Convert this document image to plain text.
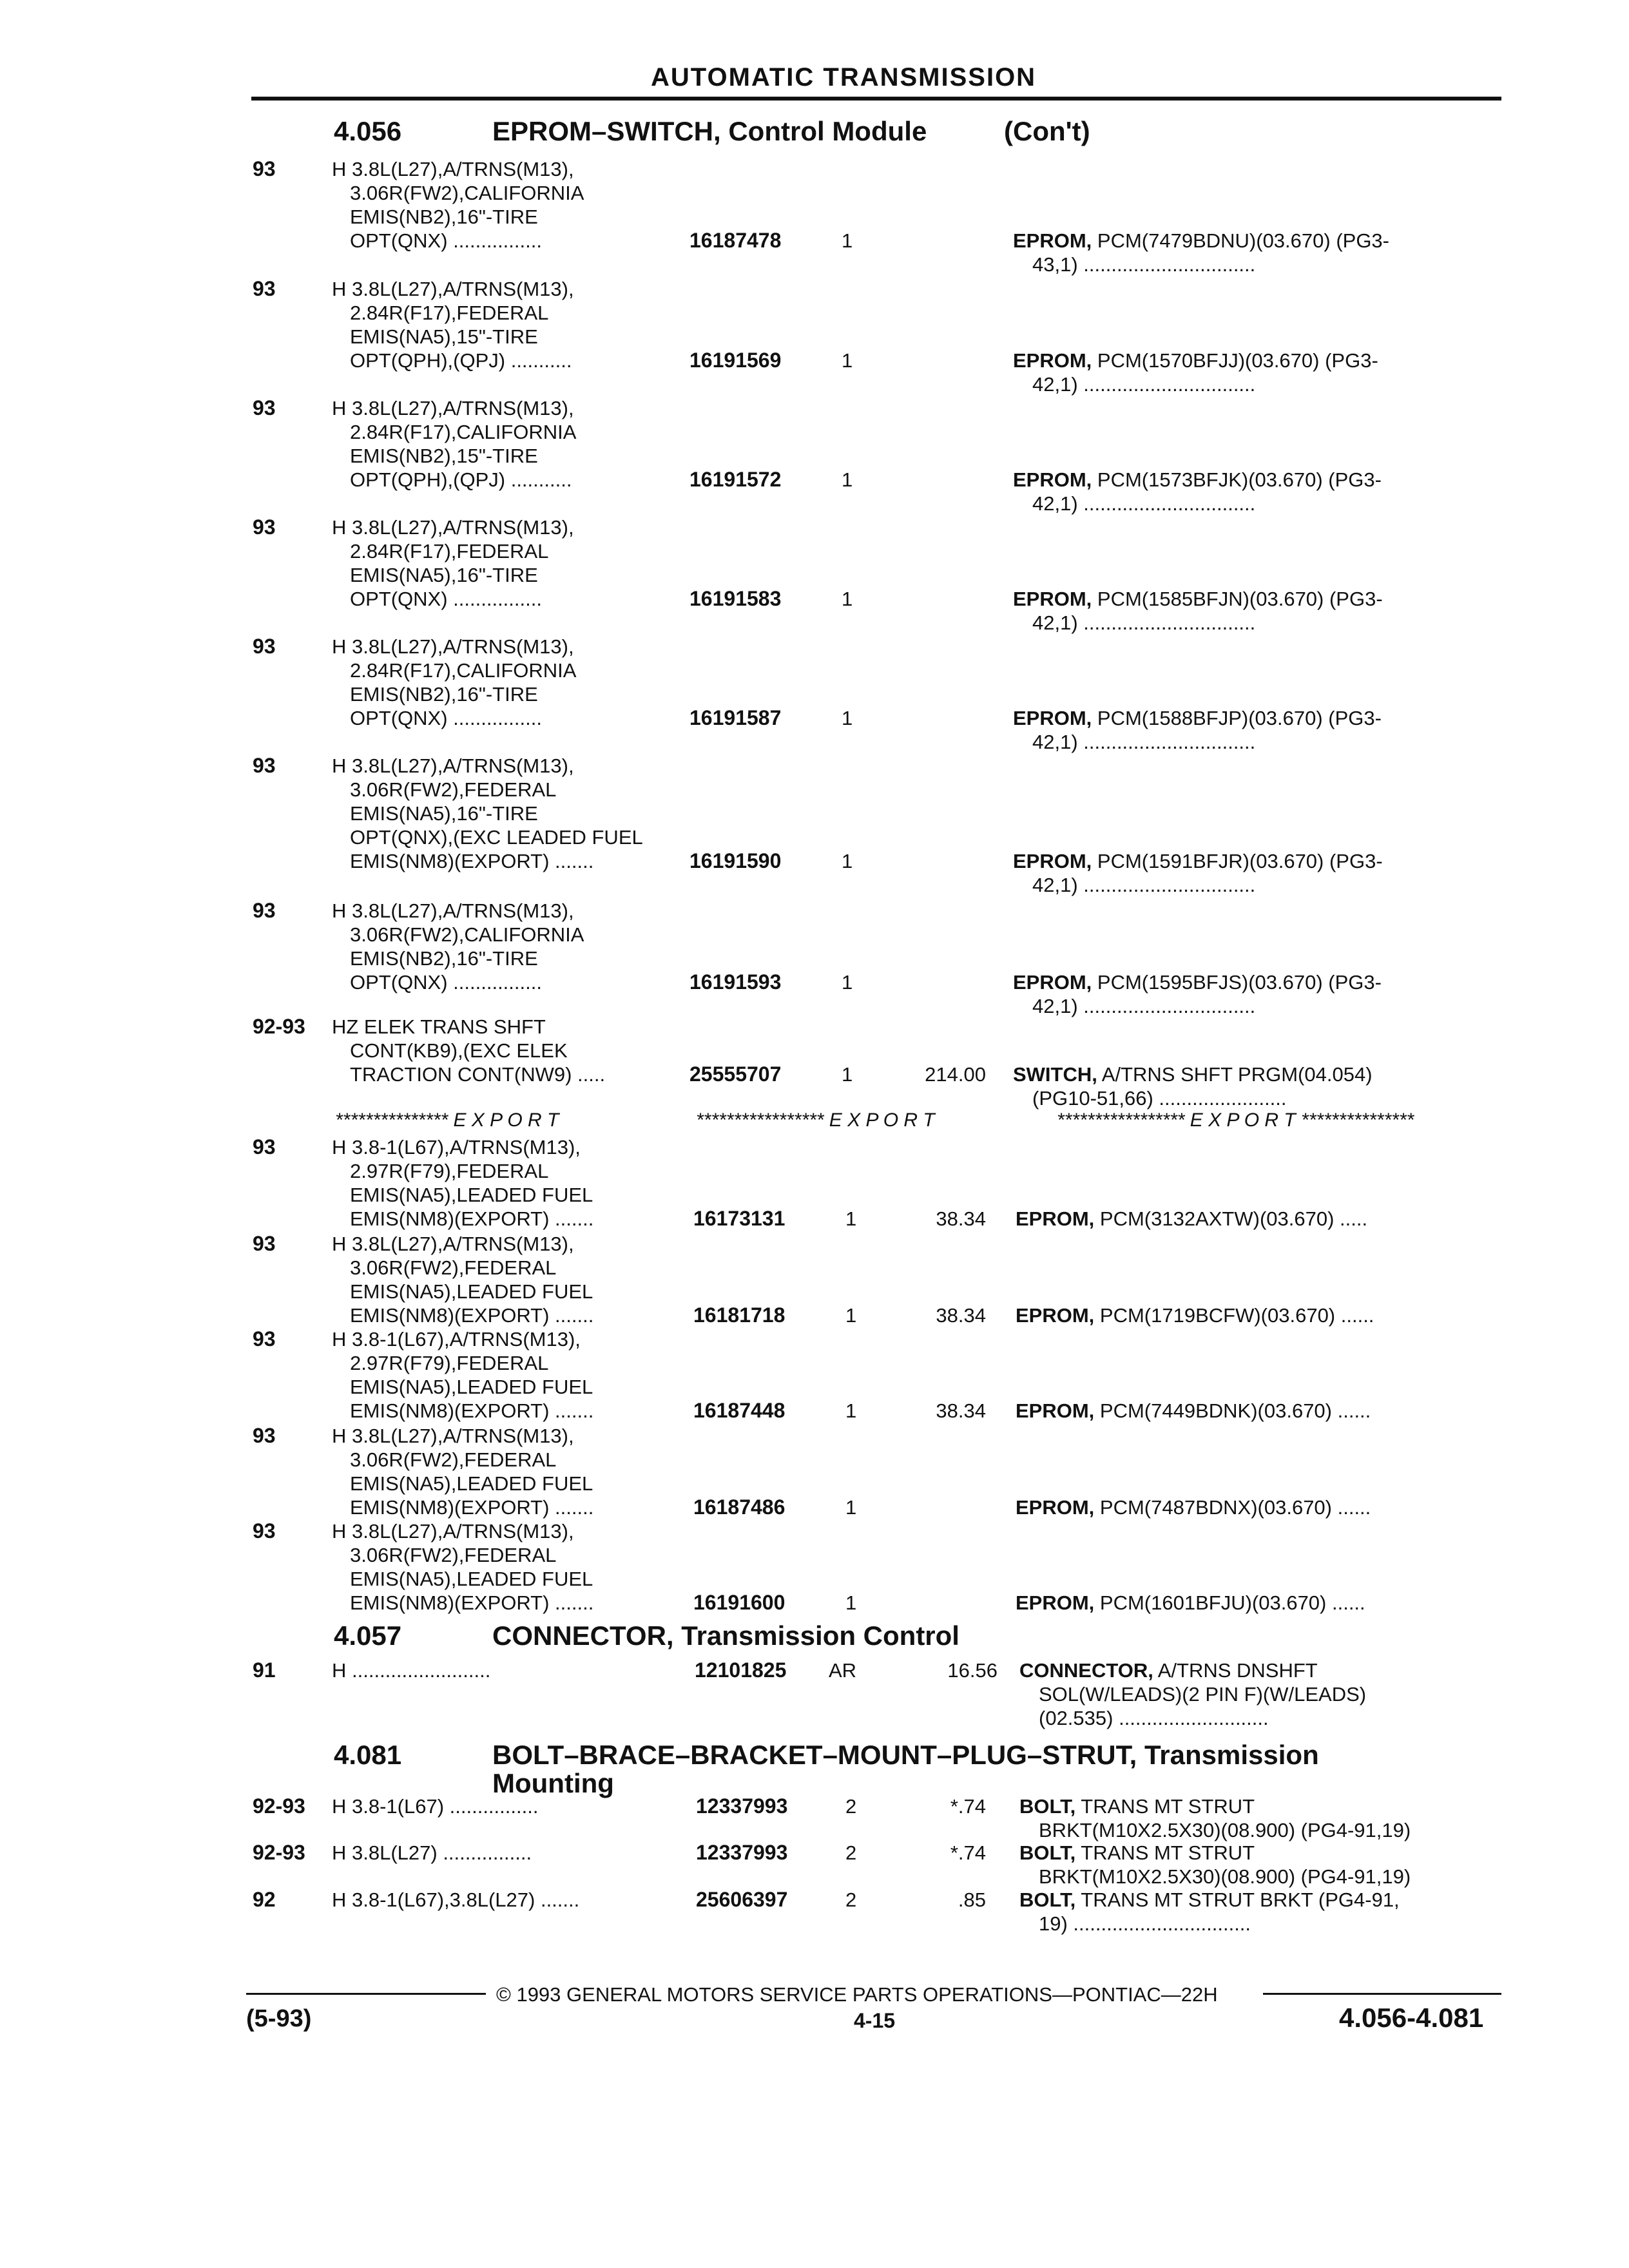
AUTOMATIC TRANSMISSION
4.056	EPROM–SWITCH, Control Module	(Con't)
93	H 3.8L(L27),A/TRNS(M13),
3.06R(FW2),CALIFORNIA
EMIS(NB2),16"-TIRE
OPT(QNX) ................	16187478	1	EPROM, PCM(7479BDNU)(03.670) (PG3-
43,1) ...............................
93	H 3.8L(L27),A/TRNS(M13),
2.84R(F17),FEDERAL
EMIS(NA5),15"-TIRE
OPT(QPH),(QPJ) ...........	16191569	1	EPROM, PCM(1570BFJJ)(03.670) (PG3-
42,1) ...............................
93	H 3.8L(L27),A/TRNS(M13),
2.84R(F17),CALIFORNIA
EMIS(NB2),15"-TIRE
OPT(QPH),(QPJ) ...........	16191572	1	EPROM, PCM(1573BFJK)(03.670) (PG3-
42,1) ...............................
93	H 3.8L(L27),A/TRNS(M13),
2.84R(F17),FEDERAL
EMIS(NA5),16"-TIRE
OPT(QNX) ................	16191583	1	EPROM, PCM(1585BFJN)(03.670) (PG3-
42,1) ...............................
93	H 3.8L(L27),A/TRNS(M13),
2.84R(F17),CALIFORNIA
EMIS(NB2),16"-TIRE
OPT(QNX) ................	16191587	1	EPROM, PCM(1588BFJP)(03.670) (PG3-
42,1) ...............................
93	H 3.8L(L27),A/TRNS(M13),
3.06R(FW2),FEDERAL
EMIS(NA5),16"-TIRE
OPT(QNX),(EXC LEADED FUEL
EMIS(NM8)(EXPORT) .......	16191590	1	EPROM, PCM(1591BFJR)(03.670) (PG3-
42,1) ...............................
93	H 3.8L(L27),A/TRNS(M13),
3.06R(FW2),CALIFORNIA
EMIS(NB2),16"-TIRE
OPT(QNX) ................	16191593	1	EPROM, PCM(1595BFJS)(03.670) (PG3-
42,1) ...............................
92-93 HZ ELEK TRANS SHFT
CONT(KB9),(EXC ELEK
TRACTION CONT(NW9) .....	25555707	1	214.00 SWITCH, A/TRNS SHFT PRGM(04.054)
(PG10-51,66) .......................
*************** E X P O R T	***************** E X P O R T	***************** E X P O R T ***************
93	H 3.8-1(L67),A/TRNS(M13),
2.97R(F79),FEDERAL
EMIS(NA5),LEADED FUEL
EMIS(NM8)(EXPORT) .......	16173131	1	38.34 EPROM, PCM(3132AXTW)(03.670) .....
93	H 3.8L(L27),A/TRNS(M13),
3.06R(FW2),FEDERAL
EMIS(NA5),LEADED FUEL
EMIS(NM8)(EXPORT) .......	16181718	1	38.34 EPROM, PCM(1719BCFW)(03.670) ......
93	H 3.8-1(L67),A/TRNS(M13),
2.97R(F79),FEDERAL
EMIS(NA5),LEADED FUEL
EMIS(NM8)(EXPORT) .......	16187448	1	38.34 EPROM, PCM(7449BDNK)(03.670) ......
93	H 3.8L(L27),A/TRNS(M13),
3.06R(FW2),FEDERAL
EMIS(NA5),LEADED FUEL
EMIS(NM8)(EXPORT) .......	16187486	1	EPROM, PCM(7487BDNX)(03.670) ......
93	H 3.8L(L27),A/TRNS(M13),
3.06R(FW2),FEDERAL
EMIS(NA5),LEADED FUEL
EMIS(NM8)(EXPORT) .......	16191600	1	EPROM, PCM(1601BFJU)(03.670) ......
4.057	CONNECTOR, Transmission Control
91	H .........................	12101825 AR	16.56 CONNECTOR, A/TRNS DNSHFT
SOL(W/LEADS)(2 PIN F)(W/LEADS)
(02.535) ...........................
4.081	BOLT–BRACE–BRACKET–MOUNT–PLUG–STRUT, Transmission
Mounting
92-93 H 3.8-1(L67) ................	12337993	2	*.74 BOLT, TRANS MT STRUT
BRKT(M10X2.5X30)(08.900) (PG4-91,19)
92-93 H 3.8L(L27) ................	12337993	2	*.74 BOLT, TRANS MT STRUT
BRKT(M10X2.5X30)(08.900) (PG4-91,19)
92	H 3.8-1(L67),3.8L(L27) .......	25606397	2	.85 BOLT, TRANS MT STRUT BRKT (PG4-91,
19) ................................
© 1993 GENERAL MOTORS SERVICE PARTS OPERATIONS—PONTIAC—22H
(5-93)	4-15	4.056-4.081
